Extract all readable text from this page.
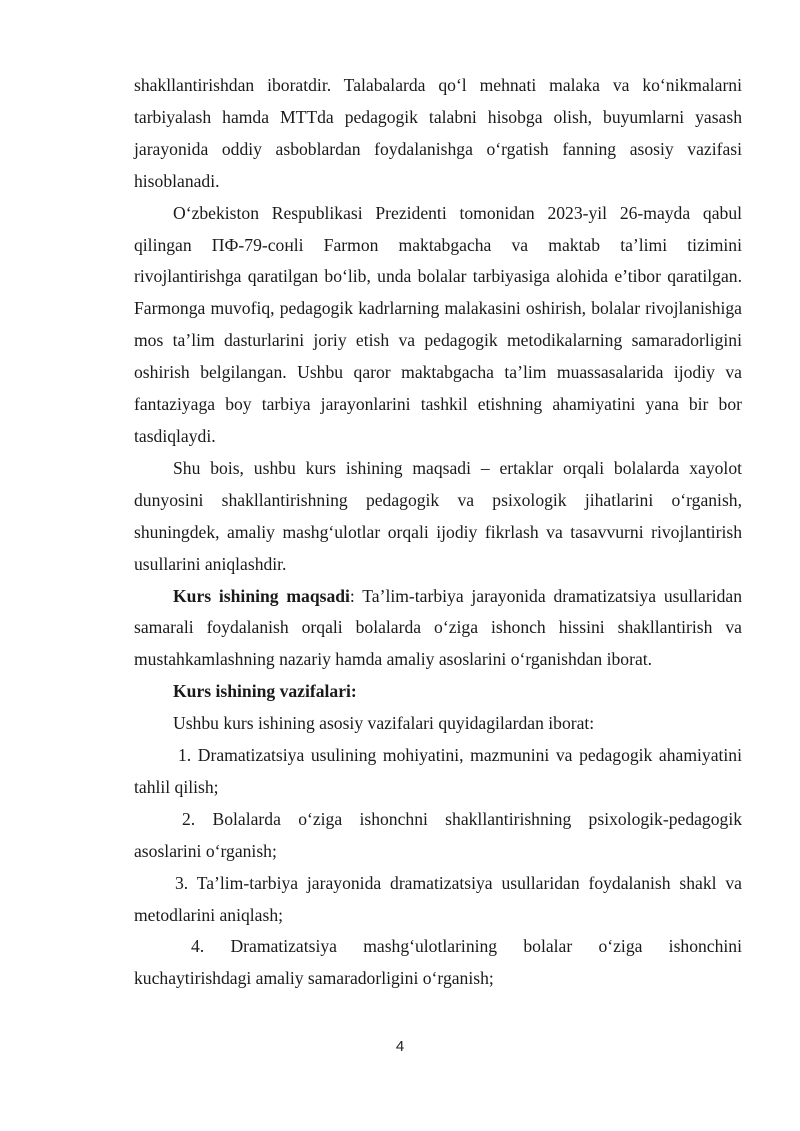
shakllantirishdan iboratdir. Talabalarda qo‘l mehnati malaka va ko‘nikmalarni tarbiyalash hamda MTTda pedagogik talabni hisobga olish, buyumlarni yasash jarayonida oddiy asboblardan foydalanishga o‘rgatish fanning asosiy vazifasi hisoblanadi.

O‘zbekiston Respublikasi Prezidenti tomonidan 2023-yil 26-mayda qabul qilingan ПФ-79-сонli Farmon maktabgacha va maktab ta’limi tizimini rivojlantirishga qaratilgan bo‘lib, unda bolalar tarbiyasiga alohida e’tibor qaratilgan. Farmonga muvofiq, pedagogik kadrlarning malakasini oshirish, bolalar rivojlanishiga mos ta’lim dasturlarini joriy etish va pedagogik metodikalarning samaradorligini oshirish belgilangan. Ushbu qaror maktabgacha ta’lim muassasalarida ijodiy va fantaziyaga boy tarbiya jarayonlarini tashkil etishning ahamiyatini yana bir bor tasdiqlaydi.

Shu bois, ushbu kurs ishining maqsadi – ertaklar orqali bolalarda xayolot dunyosini shakllantirishning pedagogik va psixologik jihatlarini o‘rganish, shuningdek, amaliy mashg‘ulotlar orqali ijodiy fikrlash va tasavvurni rivojlantirish usullarini aniqlashdir.

Kurs ishining maqsadi: Ta’lim-tarbiya jarayonida dramatizatsiya usullaridan samarali foydalanish orqali bolalarda o‘ziga ishonch hissini shakllantirish va mustahkamlashning nazariy hamda amaliy asoslarini o‘rganishdan iborat.

Kurs ishining vazifalari:

Ushbu kurs ishining asosiy vazifalari quyidagilardan iborat:

1. Dramatizatsiya usulining mohiyatini, mazmunini va pedagogik ahamiyatini tahlil qilish;

2. Bolalarda o‘ziga ishonchni shakllantirishning psixologik-pedagogik asoslarini o‘rganish;

3. Ta’lim-tarbiya jarayonida dramatizatsiya usullaridan foydalanish shakl va metodlarini aniqlash;

4. Dramatizatsiya mashg‘ulotlarining bolalar o‘ziga ishonchini kuchaytirishdagi amaliy samaradorligini o‘rganish;

4
